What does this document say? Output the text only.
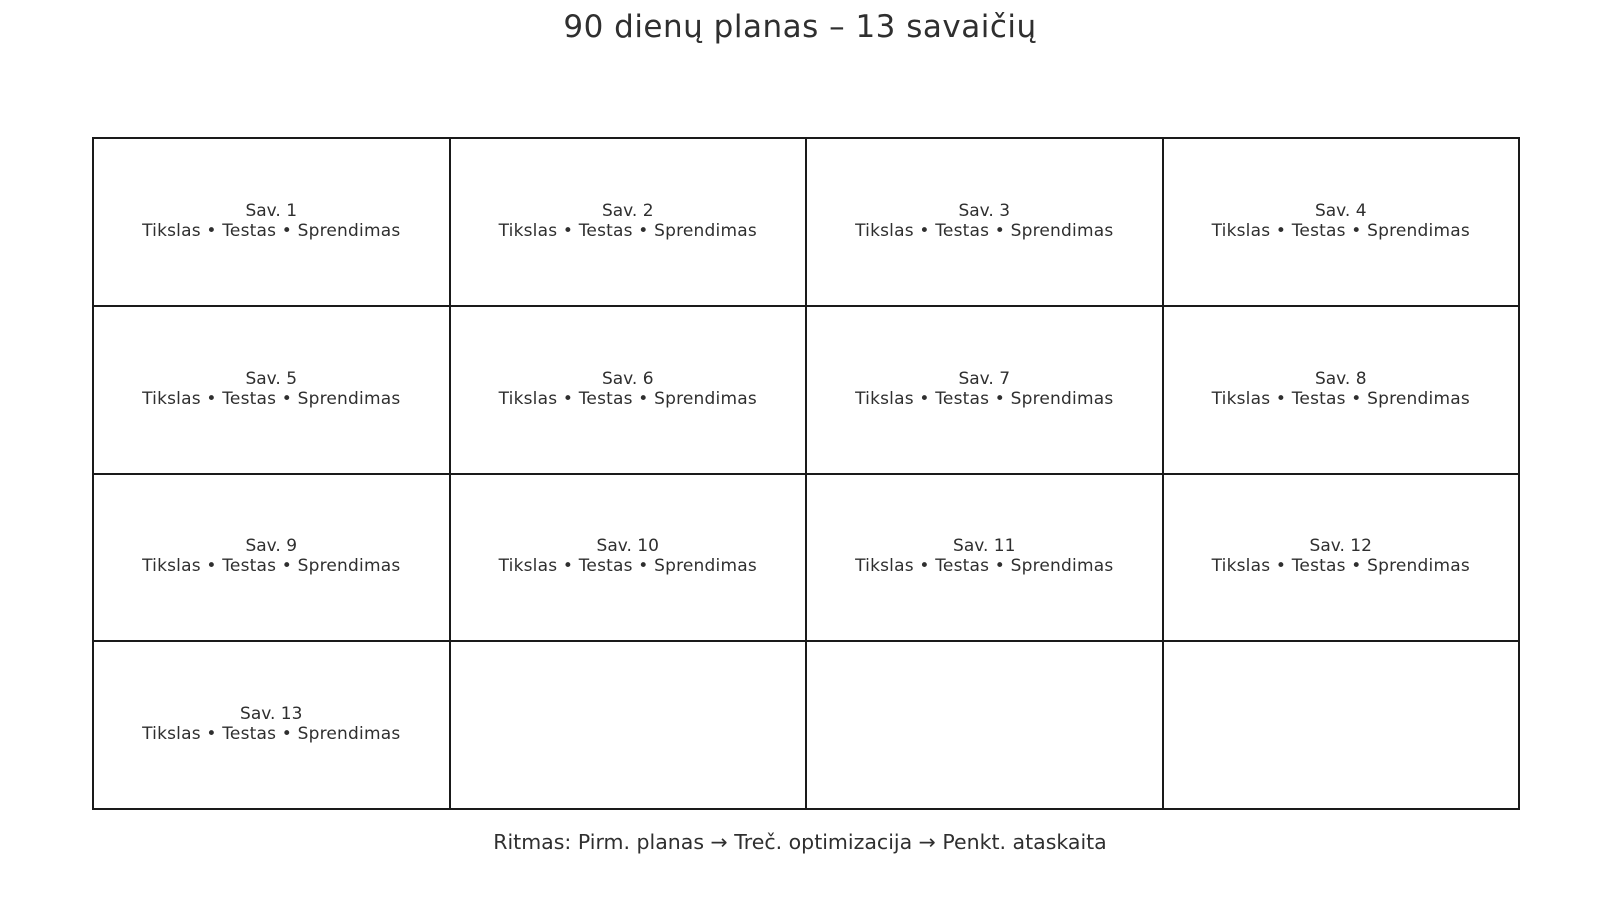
90 dienų planas – 13 savaičių
Sav. 1
Tikslas • Testas • Sprendimas
Sav. 2
Tikslas • Testas • Sprendimas
Sav. 3
Tikslas • Testas • Sprendimas
Sav. 4
Tikslas • Testas • Sprendimas
Sav. 5
Tikslas • Testas • Sprendimas
Sav. 6
Tikslas • Testas • Sprendimas
Sav. 7
Tikslas • Testas • Sprendimas
Sav. 8
Tikslas • Testas • Sprendimas
Sav. 9
Tikslas • Testas • Sprendimas
Sav. 10
Tikslas • Testas • Sprendimas
Sav. 11
Tikslas • Testas • Sprendimas
Sav. 12
Tikslas • Testas • Sprendimas
Sav. 13
Tikslas • Testas • Sprendimas
Ritmas: Pirm. planas → Treč. optimizacija → Penkt. ataskaita
